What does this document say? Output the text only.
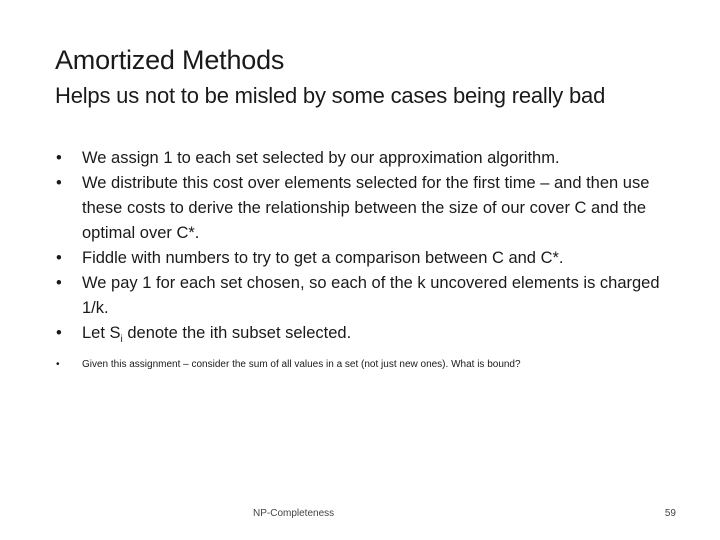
Amortized Methods
Helps us not to be misled by some cases being really bad
•	We assign 1 to each set selected by our approximation algorithm.
•	We distribute this cost over elements selected for the first time – and then use these costs to derive the relationship between the size of our cover C and the optimal over C*.
•	Fiddle with numbers to try to get a comparison between C and C*.
•	We pay 1 for each set chosen, so each of the k uncovered elements is charged 1/k.
•	Let $S_i$ denote the ith subset selected.
•	Given this assignment – consider the sum of all values in a set (not just new ones). What is bound?
NP-Completeness	59
